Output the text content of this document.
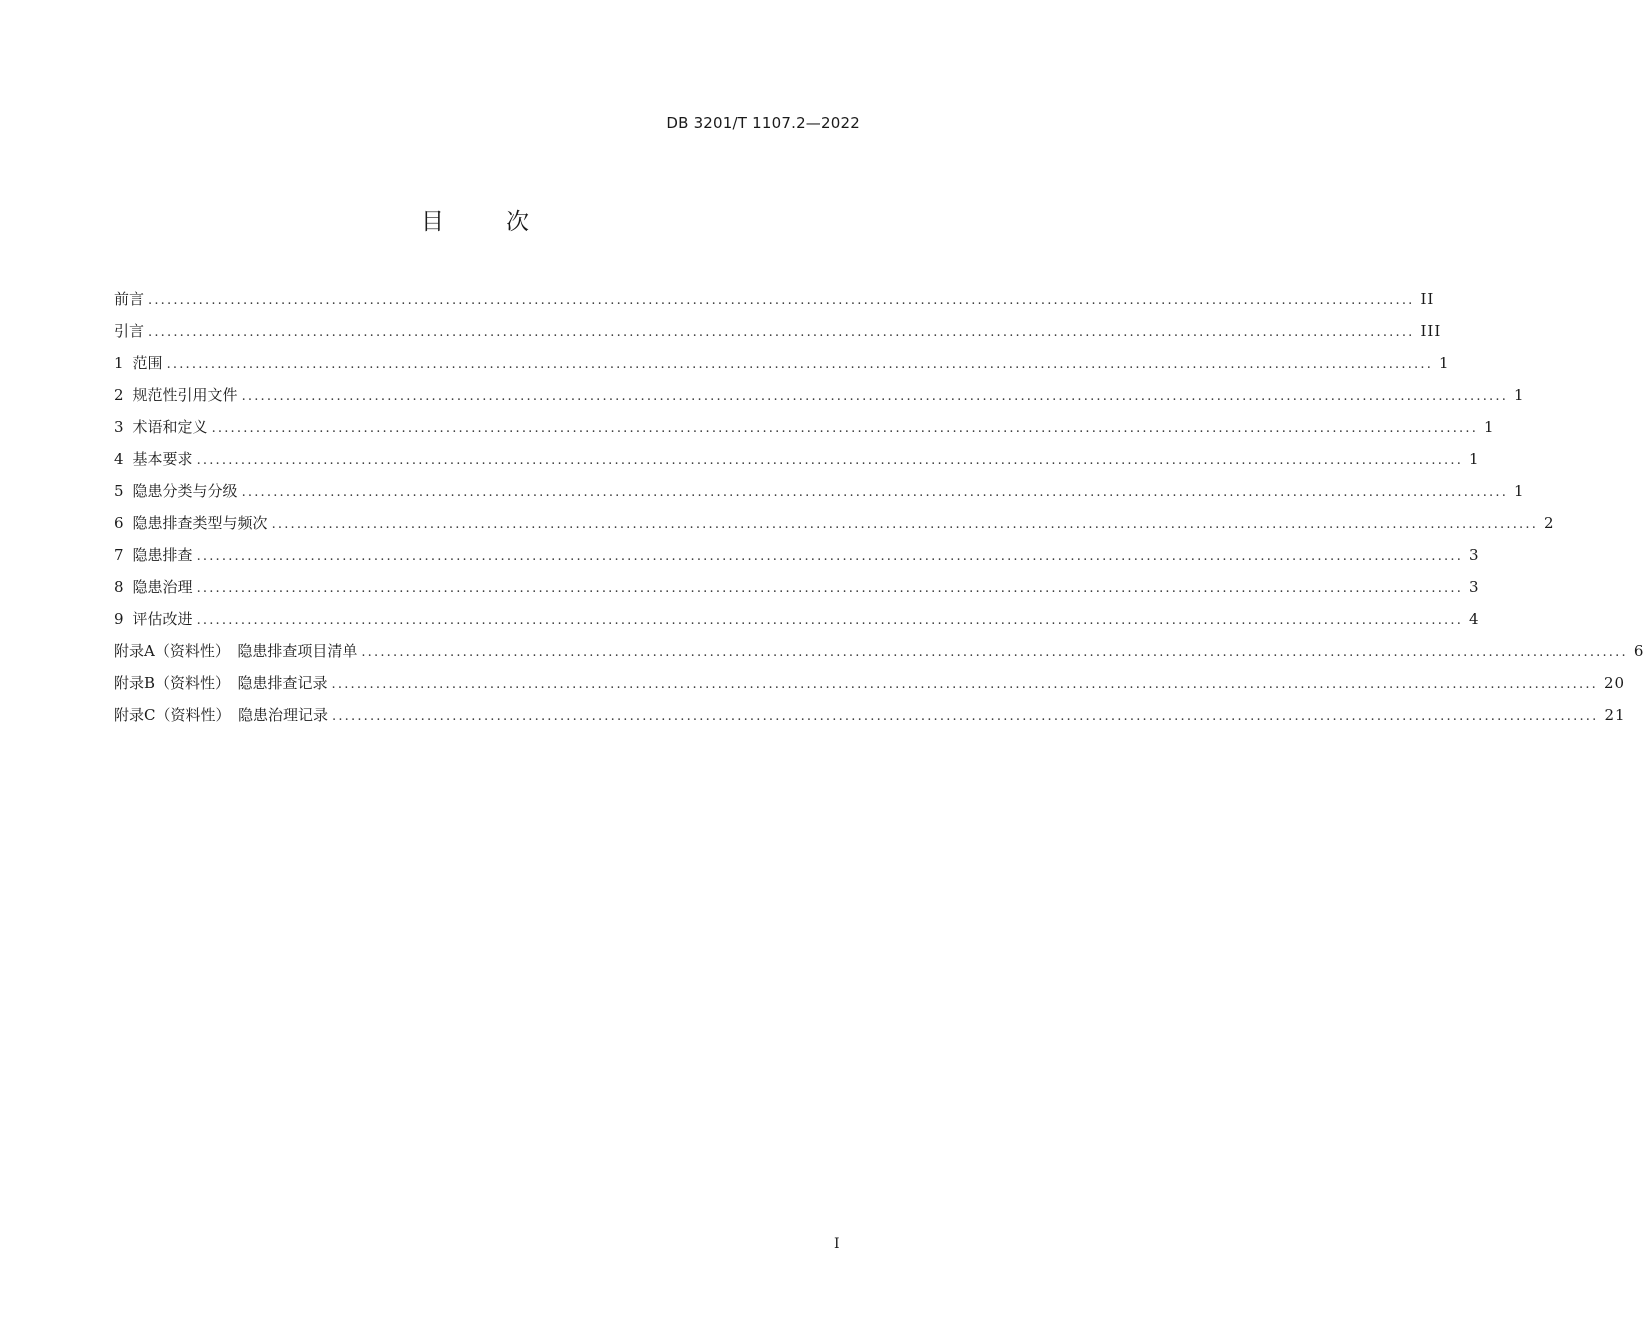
DB 3201/T 1107.2—2022
目	次
前言 ........................................................................................................................................................................................................ II
引言 ........................................................................................................................................................................................................ III
1 范围 ........................................................................................................................................................................................................ 1
2 规范性引用文件 ........................................................................................................................................................................................................ 1
3 术语和定义 ........................................................................................................................................................................................................ 1
4 基本要求 ........................................................................................................................................................................................................ 1
5 隐患分类与分级 ........................................................................................................................................................................................................ 1
6 隐患排查类型与频次 ........................................................................................................................................................................................................ 2
7 隐患排查 ........................................................................................................................................................................................................ 3
8 隐患治理 ........................................................................................................................................................................................................ 3
9 评估改进 ........................................................................................................................................................................................................ 4
附录A（资料性）　隐患排查项目清单 ........................................................................................................................................................................................................ 6
附录B（资料性）　隐患排查记录 ........................................................................................................................................................................................................ 20
附录C（资料性）　隐患治理记录 ........................................................................................................................................................................................................ 21
I
